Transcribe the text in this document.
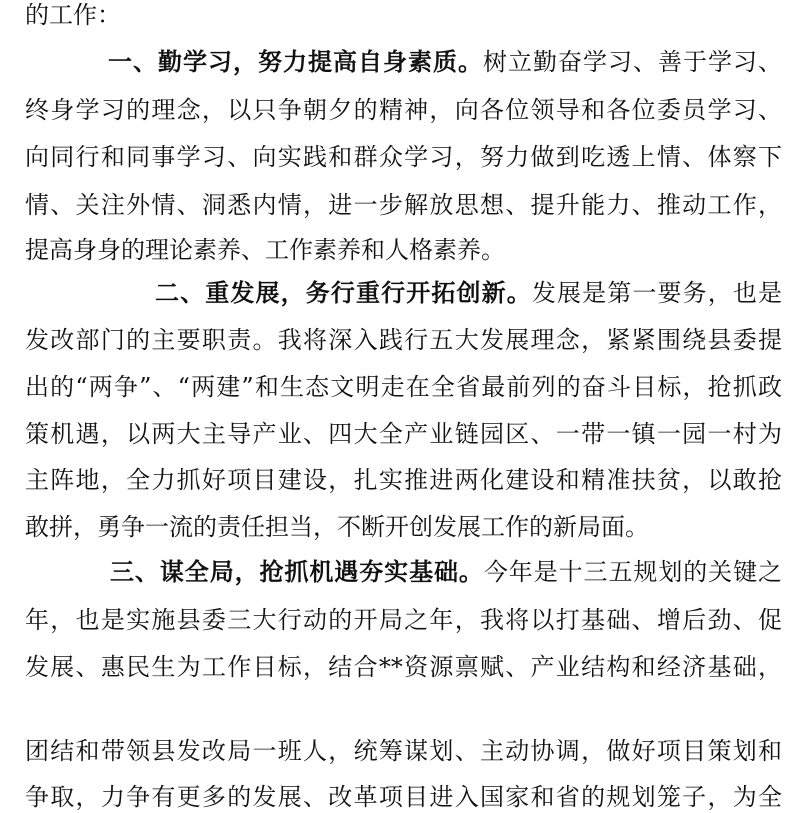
的工作：
一、勤学习，努力提高自身素质。树立勤奋学习、善于学习、
终身学习的理念，以只争朝夕的精神，向各位领导和各位委员学习、
向同行和同事学习、向实践和群众学习，努力做到吃透上情、体察下
情、关注外情、洞悉内情，进一步解放思想、提升能力、推动工作，
提高身身的理论素养、工作素养和人格素养。
二、重发展，务行重行开拓创新。发展是第一要务，也是
发改部门的主要职责。我将深入践行五大发展理念，紧紧围绕县委提
出的“两争”、“两建”和生态文明走在全省最前列的奋斗目标，抢抓政
策机遇，以两大主导产业、四大全产业链园区、一带一镇一园一村为
主阵地，全力抓好项目建设，扎实推进两化建设和精准扶贫，以敢抢
敢拼，勇争一流的责任担当，不断开创发展工作的新局面。
三、谋全局，抢抓机遇夯实基础。今年是十三五规划的关键之
年，也是实施县委三大行动的开局之年，我将以打基础、增后劲、促
发展、惠民生为工作目标，结合**资源禀赋、产业结构和经济基础，
团结和带领县发改局一班人，统筹谋划、主动协调，做好项目策划和
争取，力争有更多的发展、改革项目进入国家和省的规划笼子，为全
